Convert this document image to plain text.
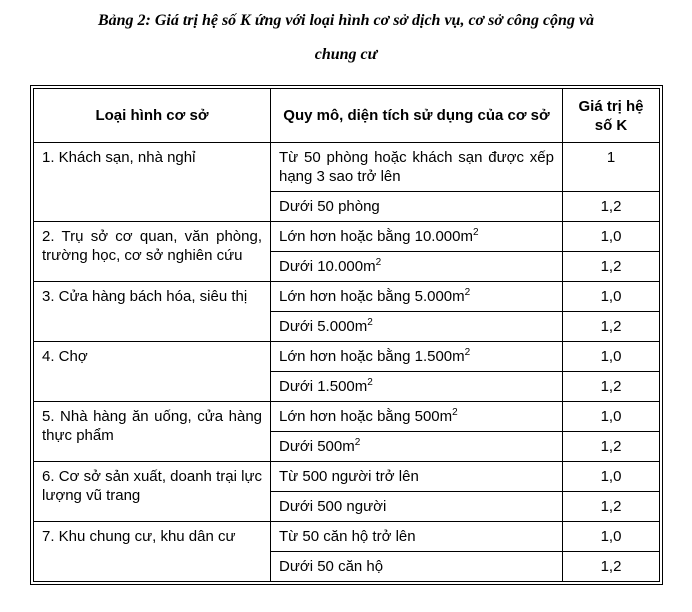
Bảng 2: Giá trị hệ số K ứng với loại hình cơ sở dịch vụ, cơ sở công cộng và
chung cư
Loại hình cơ sở	Quy mô, diện tích sử dụng của cơ sở	Giá trị hệ số K
1. Khách sạn, nhà nghỉ	Từ 50 phòng hoặc khách sạn được xếp hạng 3 sao trở lên	1
	Dưới 50 phòng	1,2
2. Trụ sở cơ quan, văn phòng, trường học, cơ sở nghiên cứu	Lớn hơn hoặc bằng $10.000m^2$	1,0
	Dưới $10.000m^2$	1,2
3. Cửa hàng bách hóa, siêu thị	Lớn hơn hoặc bằng $5.000m^2$	1,0
	Dưới $5.000m^2$	1,2
4. Chợ	Lớn hơn hoặc bằng $1.500m^2$	1,0
	Dưới $1.500m^2$	1,2
5. Nhà hàng ăn uống, cửa hàng thực phẩm	Lớn hơn hoặc bằng $500m^2$	1,0
	Dưới $500m^2$	1,2
6. Cơ sở sản xuất, doanh trại lực lượng vũ trang	Từ 500 người trở lên	1,0
	Dưới 500 người	1,2
7. Khu chung cư, khu dân cư	Từ 50 căn hộ trở lên	1,0
	Dưới 50 căn hộ	1,2
